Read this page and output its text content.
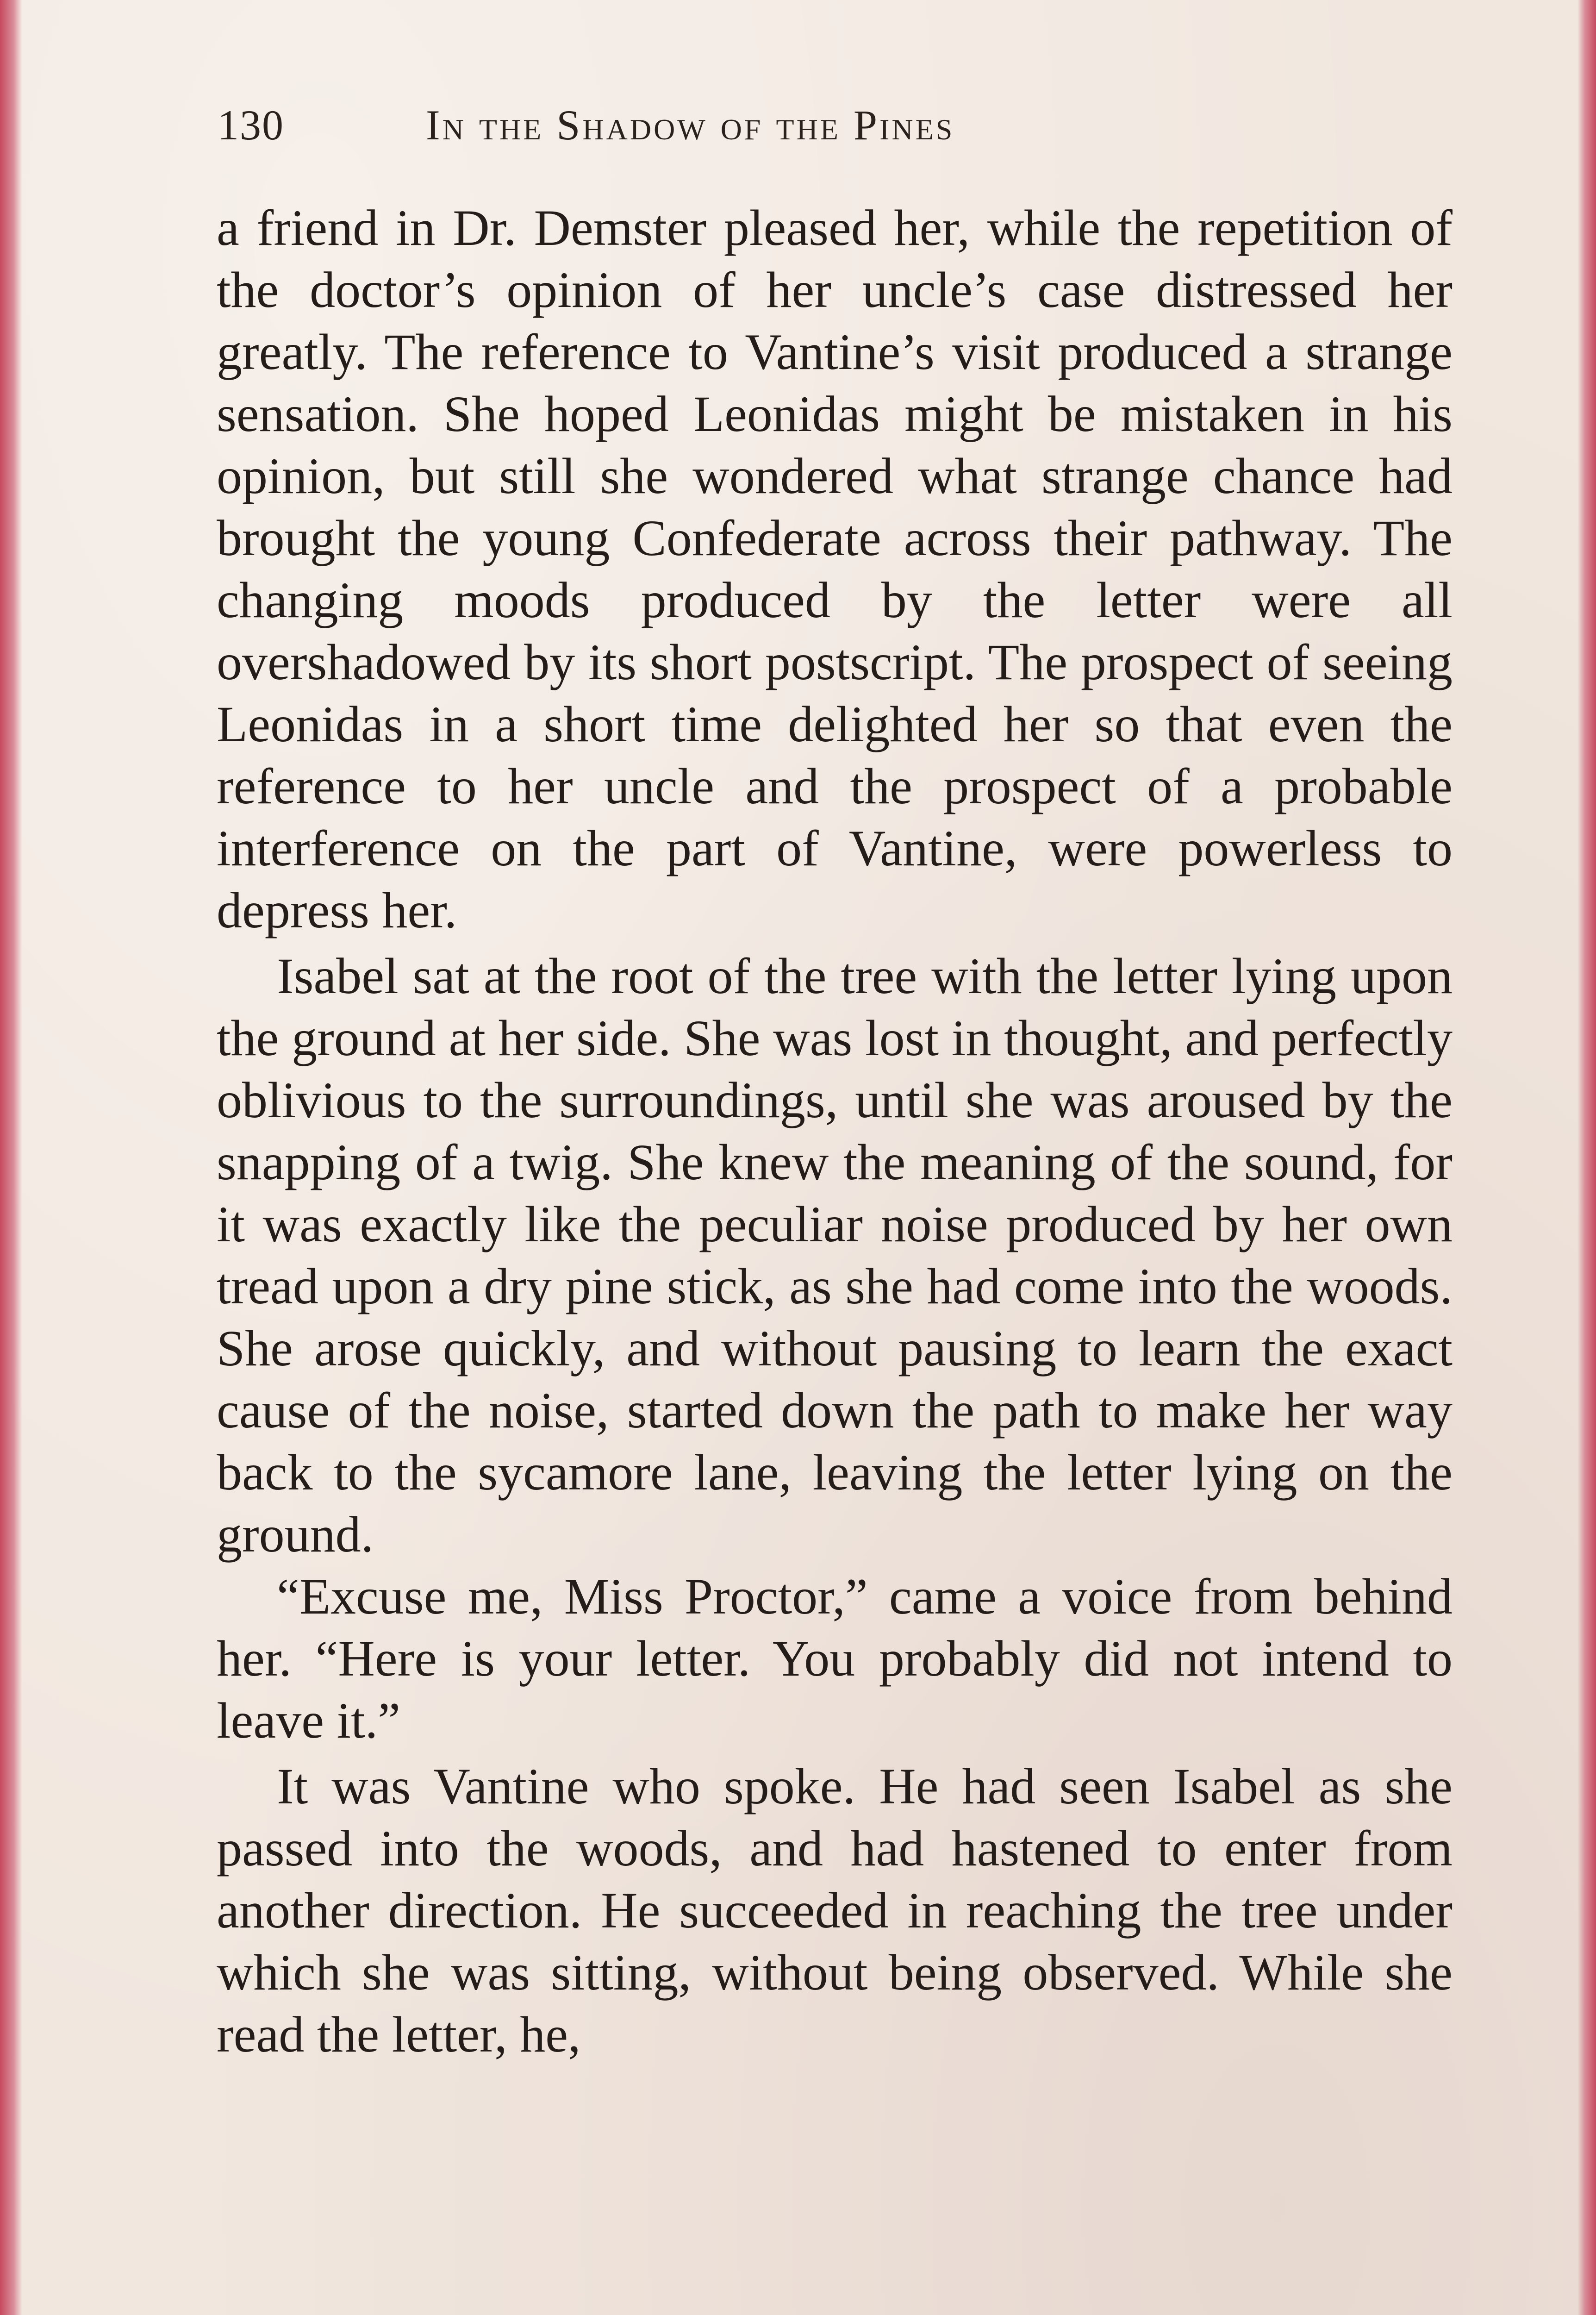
130	In the Shadow of the Pines

a friend in Dr. Demster pleased her, while the repetition of the doctor’s opinion of her uncle’s case distressed her greatly. The reference to Vantine’s visit produced a strange sensation. She hoped Leonidas might be mistaken in his opinion, but still she wondered what strange chance had brought the young Confederate across their pathway. The changing moods produced by the letter were all overshadowed by its short postscript. The prospect of seeing Leonidas in a short time delighted her so that even the reference to her uncle and the prospect of a probable interference on the part of Vantine, were powerless to depress her.

Isabel sat at the root of the tree with the letter lying upon the ground at her side. She was lost in thought, and perfectly oblivious to the surroundings, until she was aroused by the snapping of a twig. She knew the meaning of the sound, for it was exactly like the peculiar noise produced by her own tread upon a dry pine stick, as she had come into the woods. She arose quickly, and without pausing to learn the exact cause of the noise, started down the path to make her way back to the sycamore lane, leaving the letter lying on the ground.

“Excuse me, Miss Proctor,” came a voice from behind her. “Here is your letter. You probably did not intend to leave it.”

It was Vantine who spoke. He had seen Isabel as she passed into the woods, and had hastened to enter from another direction. He succeeded in reaching the tree under which she was sitting, without being observed. While she read the letter, he,
